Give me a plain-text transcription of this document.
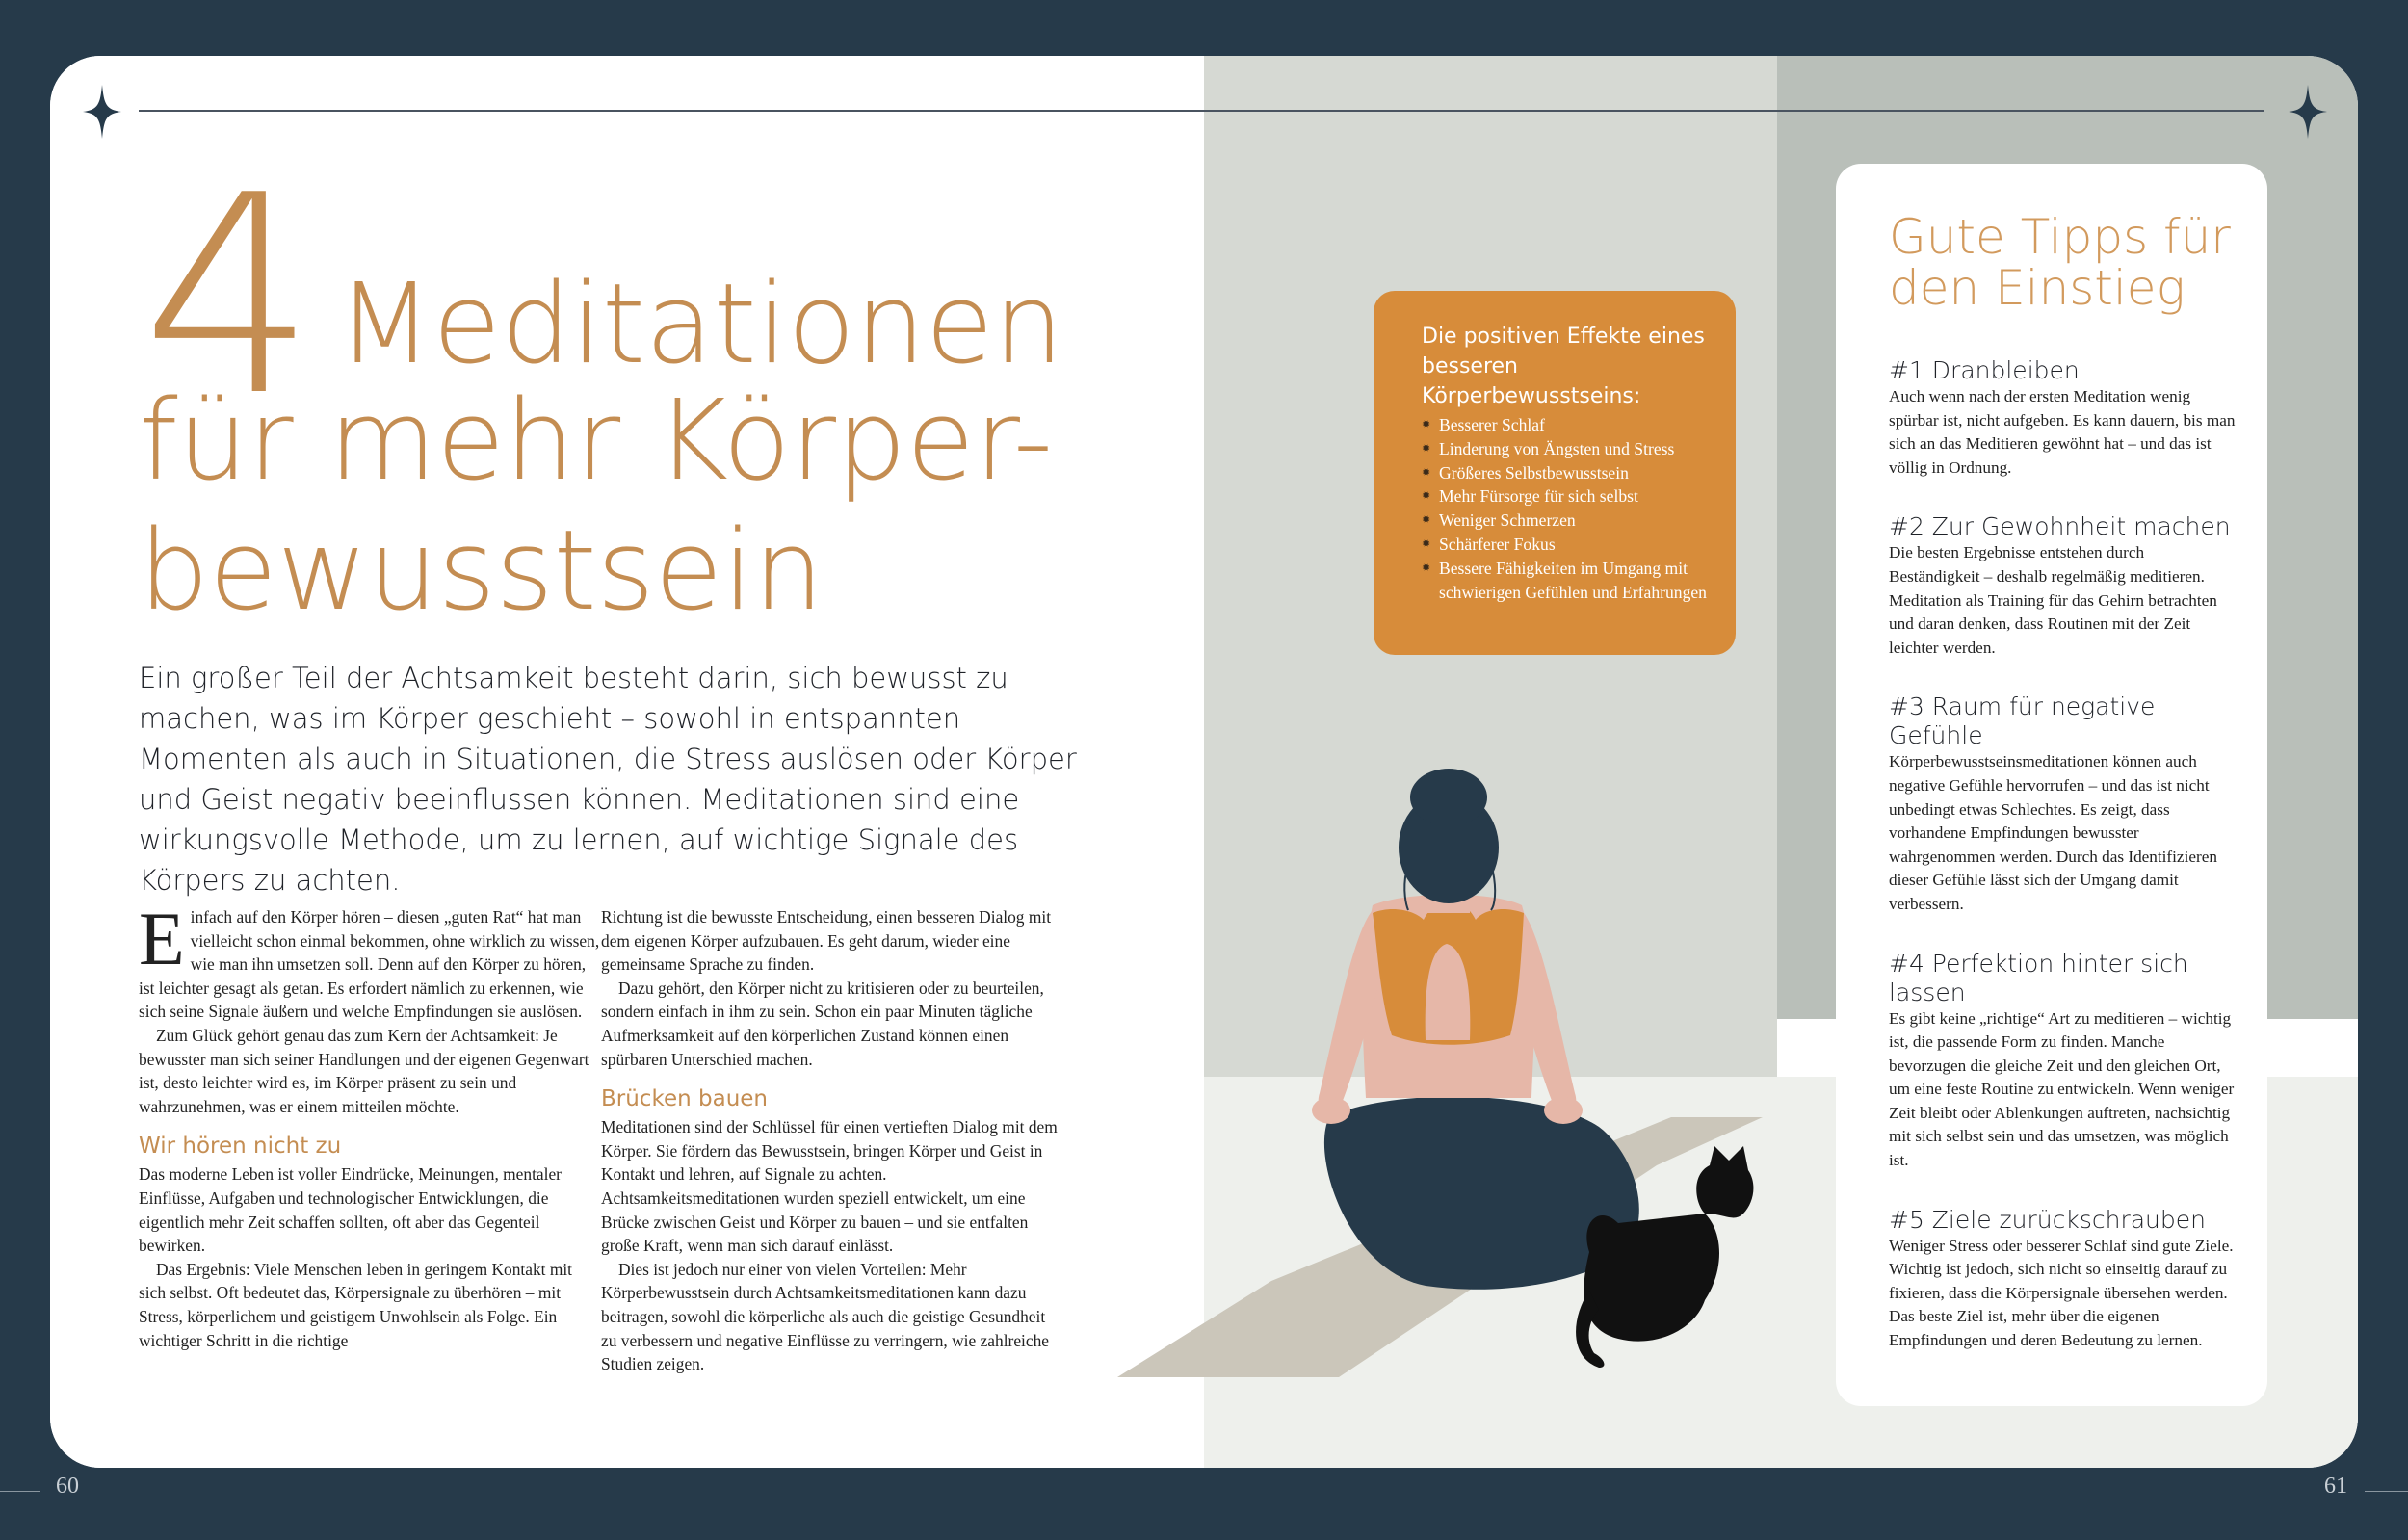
4 Meditationen
für mehr Körper-
bewusstsein
Ein großer Teil der Achtsamkeit besteht darin, sich bewusst zu machen, was im Körper geschieht – sowohl in entspannten Momenten als auch in Situationen, die Stress auslösen oder Körper und Geist negativ beeinflussen können. Meditationen sind eine wirkungsvolle Methode, um zu lernen, auf wichtige Signale des Körpers zu achten.

Einfach auf den Körper hören – diesen „guten Rat“ hat man vielleicht schon einmal bekommen, ohne wirklich zu wissen, wie man ihn umsetzen soll. Denn auf den Körper zu hören, ist leichter gesagt als getan. Es erfordert nämlich zu erkennen, wie sich seine Signale äußern und welche Empfindungen sie auslösen.

Zum Glück gehört genau das zum Kern der Achtsamkeit: Je bewusster man sich seiner Handlungen und der eigenen Gegenwart ist, desto leichter wird es, im Körper präsent zu sein und wahrzunehmen, was er einem mitteilen möchte.

Wir hören nicht zu

Das moderne Leben ist voller Eindrücke, Meinungen, mentaler Einflüsse, Aufgaben und technologischer Entwicklungen, die eigentlich mehr Zeit schaffen sollten, oft aber das Gegenteil bewirken.

Das Ergebnis: Viele Menschen leben in geringem Kontakt mit sich selbst. Oft bedeutet das, Körpersignale zu überhören – mit Stress, körperlichem und geistigem Unwohlsein als Folge. Ein wichtiger Schritt in die richtige

Richtung ist die bewusste Entscheidung, einen besseren Dialog mit dem eigenen Körper aufzubauen. Es geht darum, wieder eine gemeinsame Sprache zu finden.

Dazu gehört, den Körper nicht zu kritisieren oder zu beurteilen, sondern einfach in ihm zu sein. Schon ein paar Minuten tägliche Aufmerksamkeit auf den körperlichen Zustand können einen spürbaren Unterschied machen.

Brücken bauen

Meditationen sind der Schlüssel für einen vertieften Dialog mit dem Körper. Sie fördern das Bewusstsein, bringen Körper und Geist in Kontakt und lehren, auf Signale zu achten. Achtsamkeitsmeditationen wurden speziell entwickelt, um eine Brücke zwischen Geist und Körper zu bauen – und sie entfalten große Kraft, wenn man sich darauf einlässt.

Dies ist jedoch nur einer von vielen Vorteilen: Mehr Körperbewusstsein durch Achtsamkeitsmeditationen kann dazu beitragen, sowohl die körperliche als auch die geistige Gesundheit zu verbessern und negative Einflüsse zu verringern, wie zahlreiche Studien zeigen.

Die positiven Effekte eines besseren Körperbewusstseins:
✹ Besserer Schlaf
✹ Linderung von Ängsten und Stress
✹ Größeres Selbstbewusstsein
✹ Mehr Fürsorge für sich selbst
✹ Weniger Schmerzen
✹ Schärferer Fokus
✹ Bessere Fähigkeiten im Umgang mit schwierigen Gefühlen und Erfahrungen
Gute Tipps für den Einstieg
#1 Dranbleiben

Auch wenn nach der ersten Meditation wenig spürbar ist, nicht aufgeben. Es kann dauern, bis man sich an das Meditieren gewöhnt hat – und das ist völlig in Ordnung.

#2 Zur Gewohnheit machen

Die besten Ergebnisse entstehen durch Beständigkeit – deshalb regelmäßig meditieren. Meditation als Training für das Gehirn betrachten und daran denken, dass Routinen mit der Zeit leichter werden.

#3 Raum für negative Gefühle

Körperbewusstseinsmeditationen können auch negative Gefühle hervorrufen – und das ist nicht unbedingt etwas Schlechtes. Es zeigt, dass vorhandene Empfindungen bewusster wahrgenommen werden. Durch das Identifizieren dieser Gefühle lässt sich der Umgang damit verbessern.

#4 Perfektion hinter sich lassen

Es gibt keine „richtige“ Art zu meditieren – wichtig ist, die passende Form zu finden. Manche bevorzugen die gleiche Zeit und den gleichen Ort, um eine feste Routine zu entwickeln. Wenn weniger Zeit bleibt oder Ablenkungen auftreten, nachsichtig mit sich selbst sein und das umsetzen, was möglich ist.

#5 Ziele zurückschrauben

Weniger Stress oder besserer Schlaf sind gute Ziele. Wichtig ist jedoch, sich nicht so einseitig darauf zu fixieren, dass die Körpersignale übersehen werden. Das beste Ziel ist, mehr über die eigenen Empfindungen und deren Bedeutung zu lernen.

60	61
